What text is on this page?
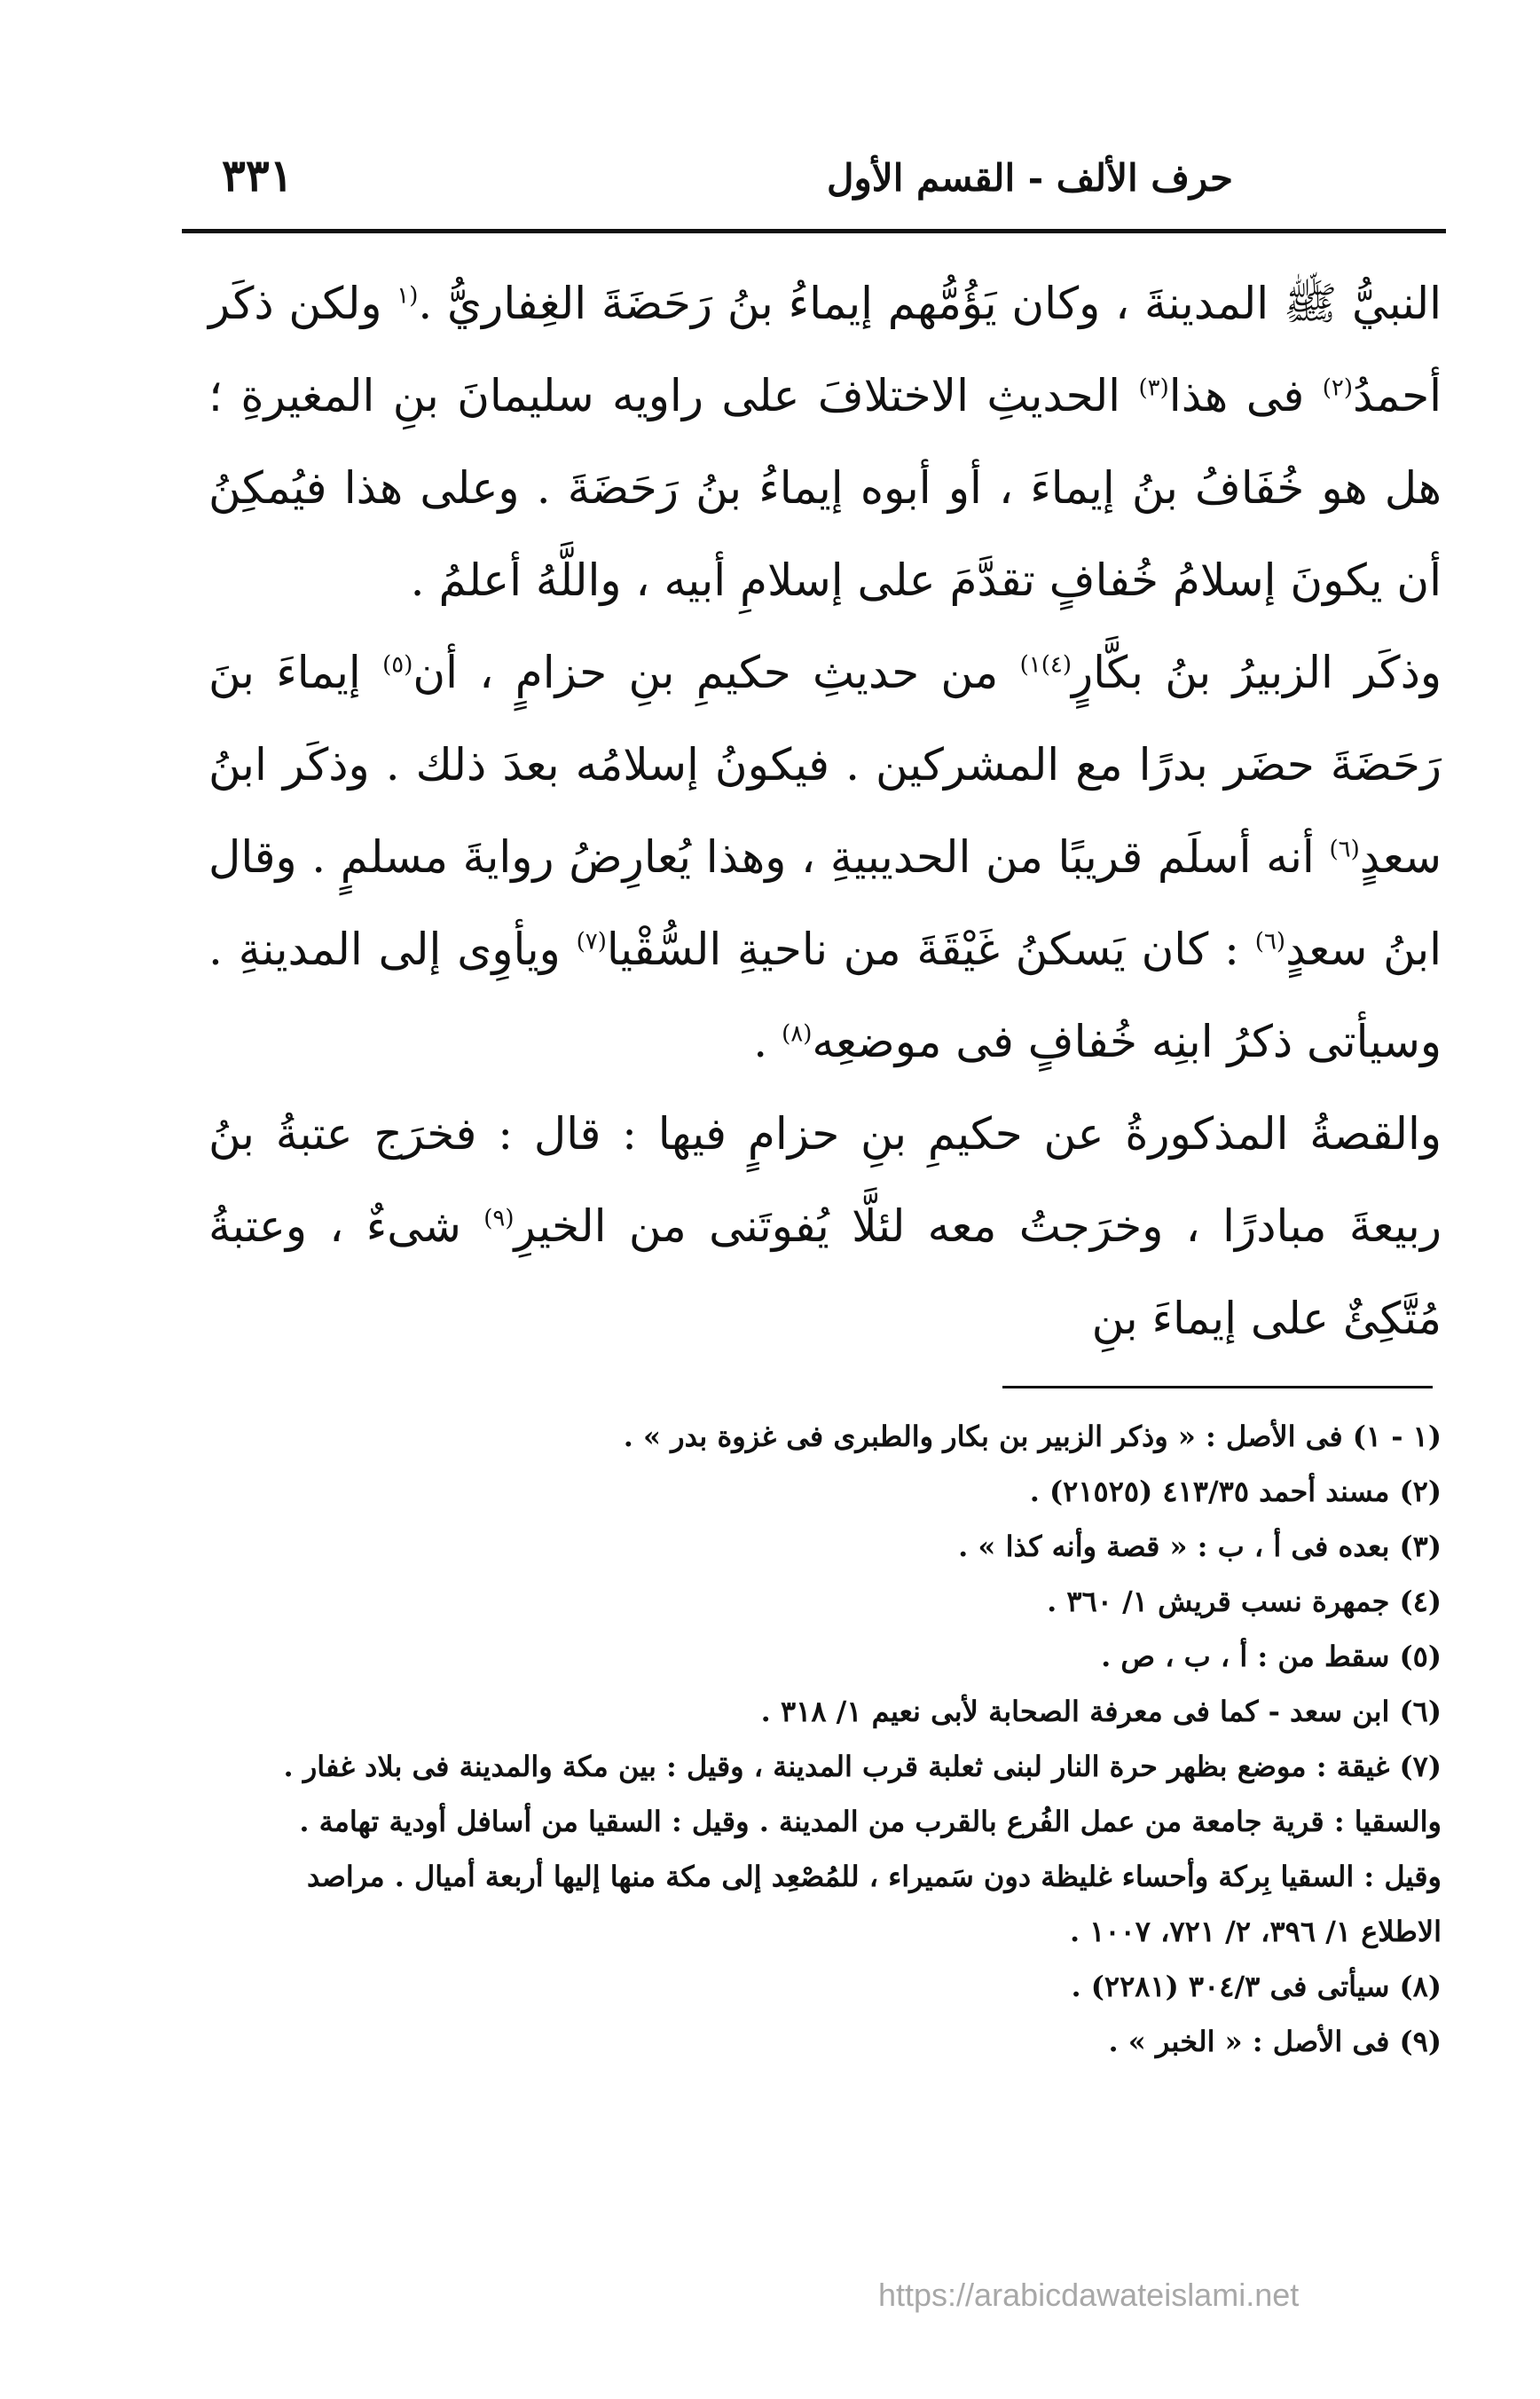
٣٣١	حرف الألف - القسم الأول

النبيُّ ﷺ المدينةَ ، وكان يَؤُمُّهم إيماءُ بنُ رَحَضَةَ الغِفاريُّ .$^{(١}$ ولكن ذكَر أحمدُ$^{(٢)}$ فى هذا$^{(٣)}$ الحديثِ الاختلافَ على راويه سليمانَ بنِ المغيرةِ ؛ هل هو خُفَافُ بنُ إيماءَ ، أو أبوه إيماءُ بنُ رَحَضَةَ . وعلى هذا فيُمكِنُ أن يكونَ إسلامُ خُفافٍ تقدَّمَ على إسلامِ أبيه ، واللَّهُ أعلمُ .

وذكَر الزبيرُ بنُ بكَّارٍ$^{(٤)١)}$ من حديثِ حكيمِ بنِ حزامٍ ، أن$^{(٥)}$ إيماءَ بنَ رَحَضَةَ حضَر بدرًا مع المشركين . فيكونُ إسلامُه بعدَ ذلك . وذكَر ابنُ سعدٍ$^{(٦)}$ أنه أسلَم قريبًا من الحديبيةِ ، وهذا يُعارِضُ روايةَ مسلمٍ . وقال ابنُ سعدٍ$^{(٦)}$ : كان يَسكنُ غَيْقَةَ من ناحيةِ السُّقْيا$^{(٧)}$ ويأوِى إلى المدينةِ . وسيأتى ذكرُ ابنِه خُفافٍ فى موضعِه$^{(٨)}$ .

والقصةُ المذكورةُ عن حكيمِ بنِ حزامٍ فيها : قال : فخرَج عتبةُ بنُ ربيعةَ مبادرًا ، وخرَجتُ معه لئلَّا يُفوتَنى من الخيرِ$^{(٩)}$ شىءٌ ، وعتبةُ مُتَّكِئٌ على إيماءَ بنِ

(١ - ١) فى الأصل : « وذكر الزبير بن بكار والطبرى فى غزوة بدر » .

(٢) مسند أحمد ٤١٣/٣٥ (٢١٥٢٥) .

(٣) بعده فى أ ، ب : « قصة وأنه كذا » .

(٤) جمهرة نسب قريش ١/ ٣٦٠ .

(٥) سقط من : أ ، ب ، ص .

(٦) ابن سعد - كما فى معرفة الصحابة لأبى نعيم ١/ ٣١٨ .

(٧) غيقة : موضع بظهر حرة النار لبنى ثعلبة قرب المدينة ، وقيل : بين مكة والمدينة فى بلاد غفار .

والسقيا : قرية جامعة من عمل الفُرع بالقرب من المدينة . وقيل : السقيا من أسافل أودية تهامة .

وقيل : السقيا بِركة وأحساء غليظة دون سَميراء ، للمُصْعِد إلى مكة منها إليها أربعة أميال . مراصد

الاطلاع ١/ ٣٩٦، ٢/ ٧٢١، ١٠٠٧ .

(٨) سيأتى فى ٣٠٤/٣ (٢٢٨١) .

(٩) فى الأصل : « الخبر » .

https://arabicdawateislami.net
